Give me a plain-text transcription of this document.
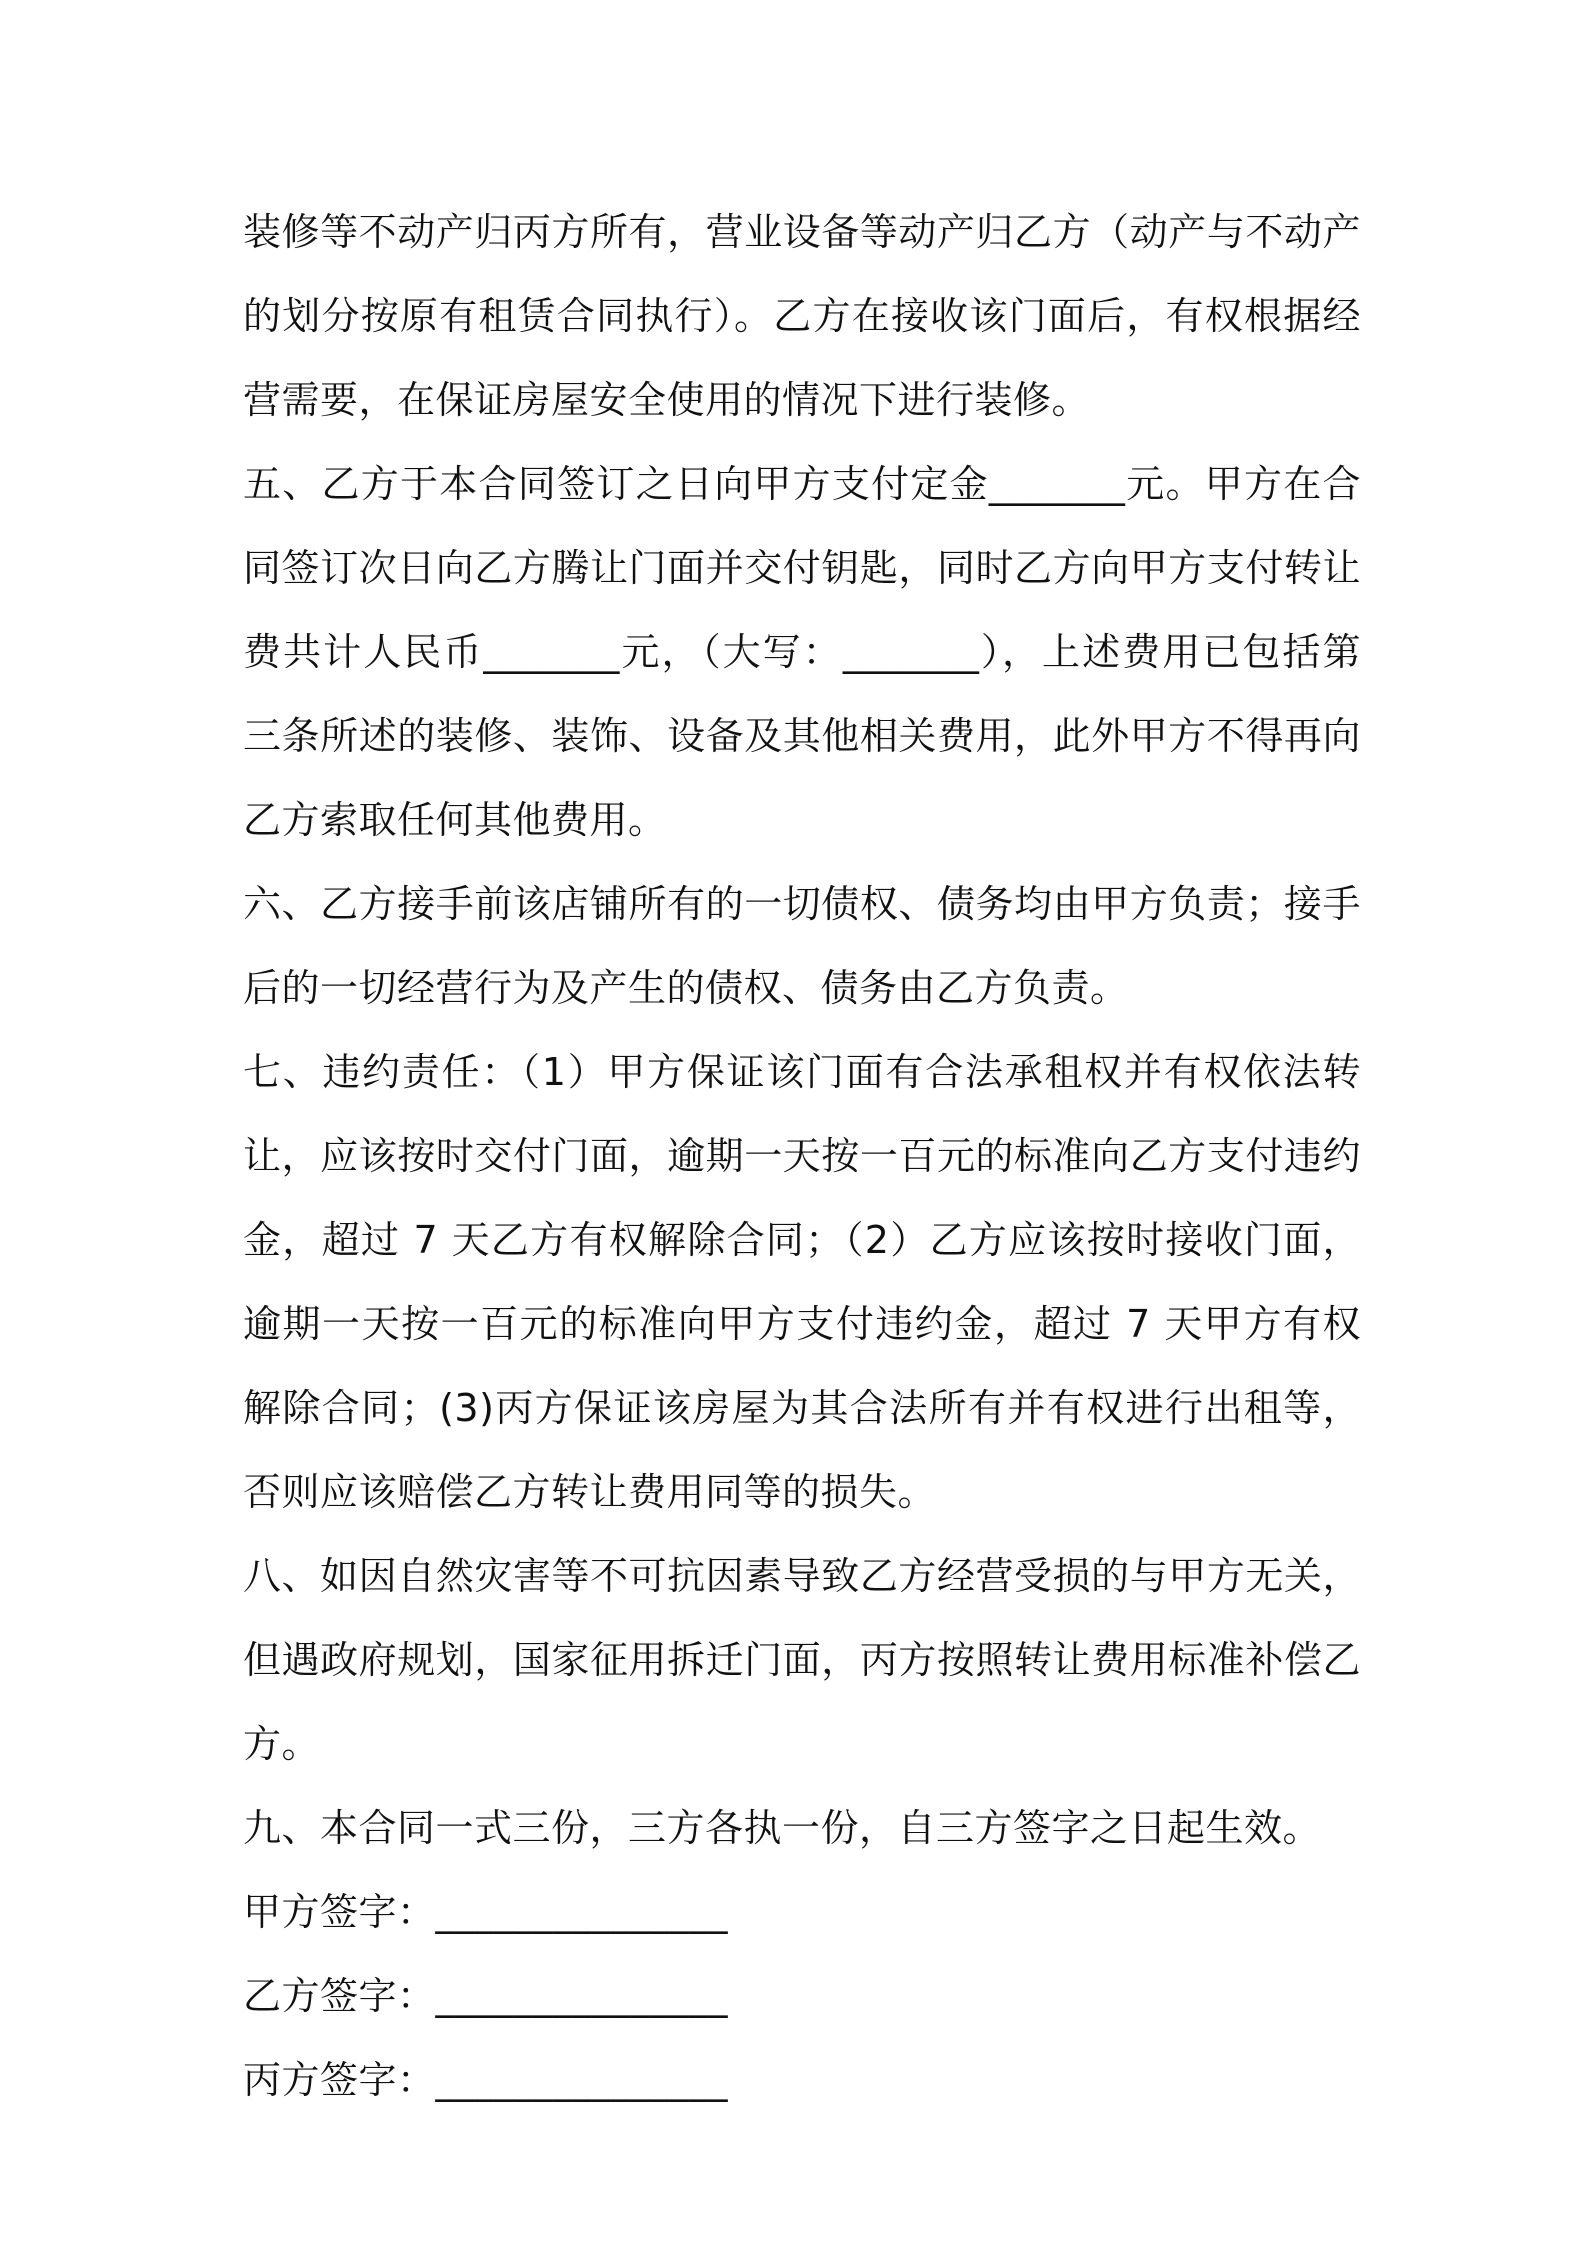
装修等不动产归丙方所有，营业设备等动产归乙方（动产与不动产的划分按原有租赁合同执行）。乙方在接收该门面后，有权根据经营需要，在保证房屋安全使用的情况下进行装修。

五、乙方于本合同签订之日向甲方支付定金_______元。甲方在合同签订次日向乙方腾让门面并交付钥匙，同时乙方向甲方支付转让费共计人民币_______元，（大写：_______），上述费用已包括第三条所述的装修、装饰、设备及其他相关费用，此外甲方不得再向乙方索取任何其他费用。

六、乙方接手前该店铺所有的一切债权、债务均由甲方负责；接手后的一切经营行为及产生的债权、债务由乙方负责。

七、违约责任：（1）甲方保证该门面有合法承租权并有权依法转让，应该按时交付门面，逾期一天按一百元的标准向乙方支付违约金，超过 7 天乙方有权解除合同；（2）乙方应该按时接收门面，逾期一天按一百元的标准向甲方支付违约金，超过 7 天甲方有权解除合同；(3)丙方保证该房屋为其合法所有并有权进行出租等，否则应该赔偿乙方转让费用同等的损失。

八、如因自然灾害等不可抗因素导致乙方经营受损的与甲方无关，但遇政府规划，国家征用拆迁门面，丙方按照转让费用标准补偿乙方。

九、本合同一式三份，三方各执一份，自三方签字之日起生效。

甲方签字：_______________
乙方签字：_______________
丙方签字：_______________
